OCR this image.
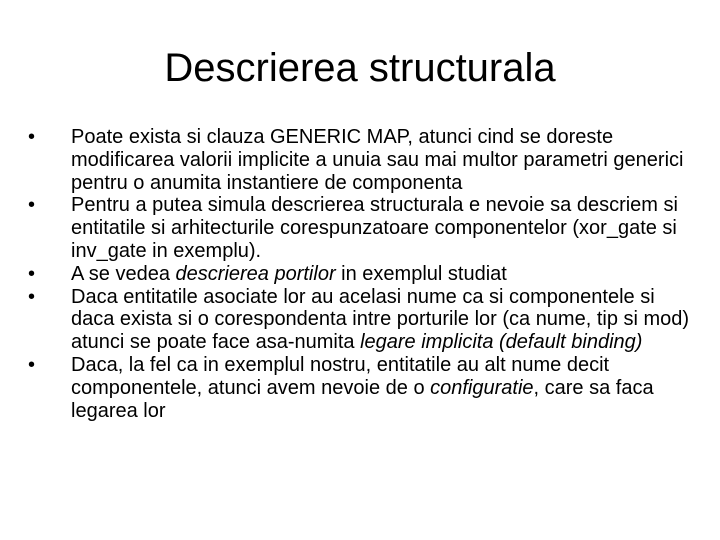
Descrierea structurala
•	Poate exista si clauza GENERIC MAP, atunci cind se doreste modificarea valorii implicite a unuia sau mai multor parametri generici pentru o anumita instantiere de componenta
•	Pentru a putea simula descrierea structurala e nevoie sa descriem si entitatile si arhitecturile corespunzatoare componentelor (xor_gate si inv_gate in exemplu).
•	A se vedea descrierea portilor in exemplul studiat
•	Daca entitatile asociate lor au acelasi nume ca si componentele si daca exista si o corespondenta intre porturile lor (ca nume, tip si mod) atunci se poate face asa-numita legare implicita (default binding)
•	Daca, la fel ca in exemplul nostru, entitatile au alt nume decit componentele, atunci avem nevoie de o configuratie, care sa faca legarea lor
